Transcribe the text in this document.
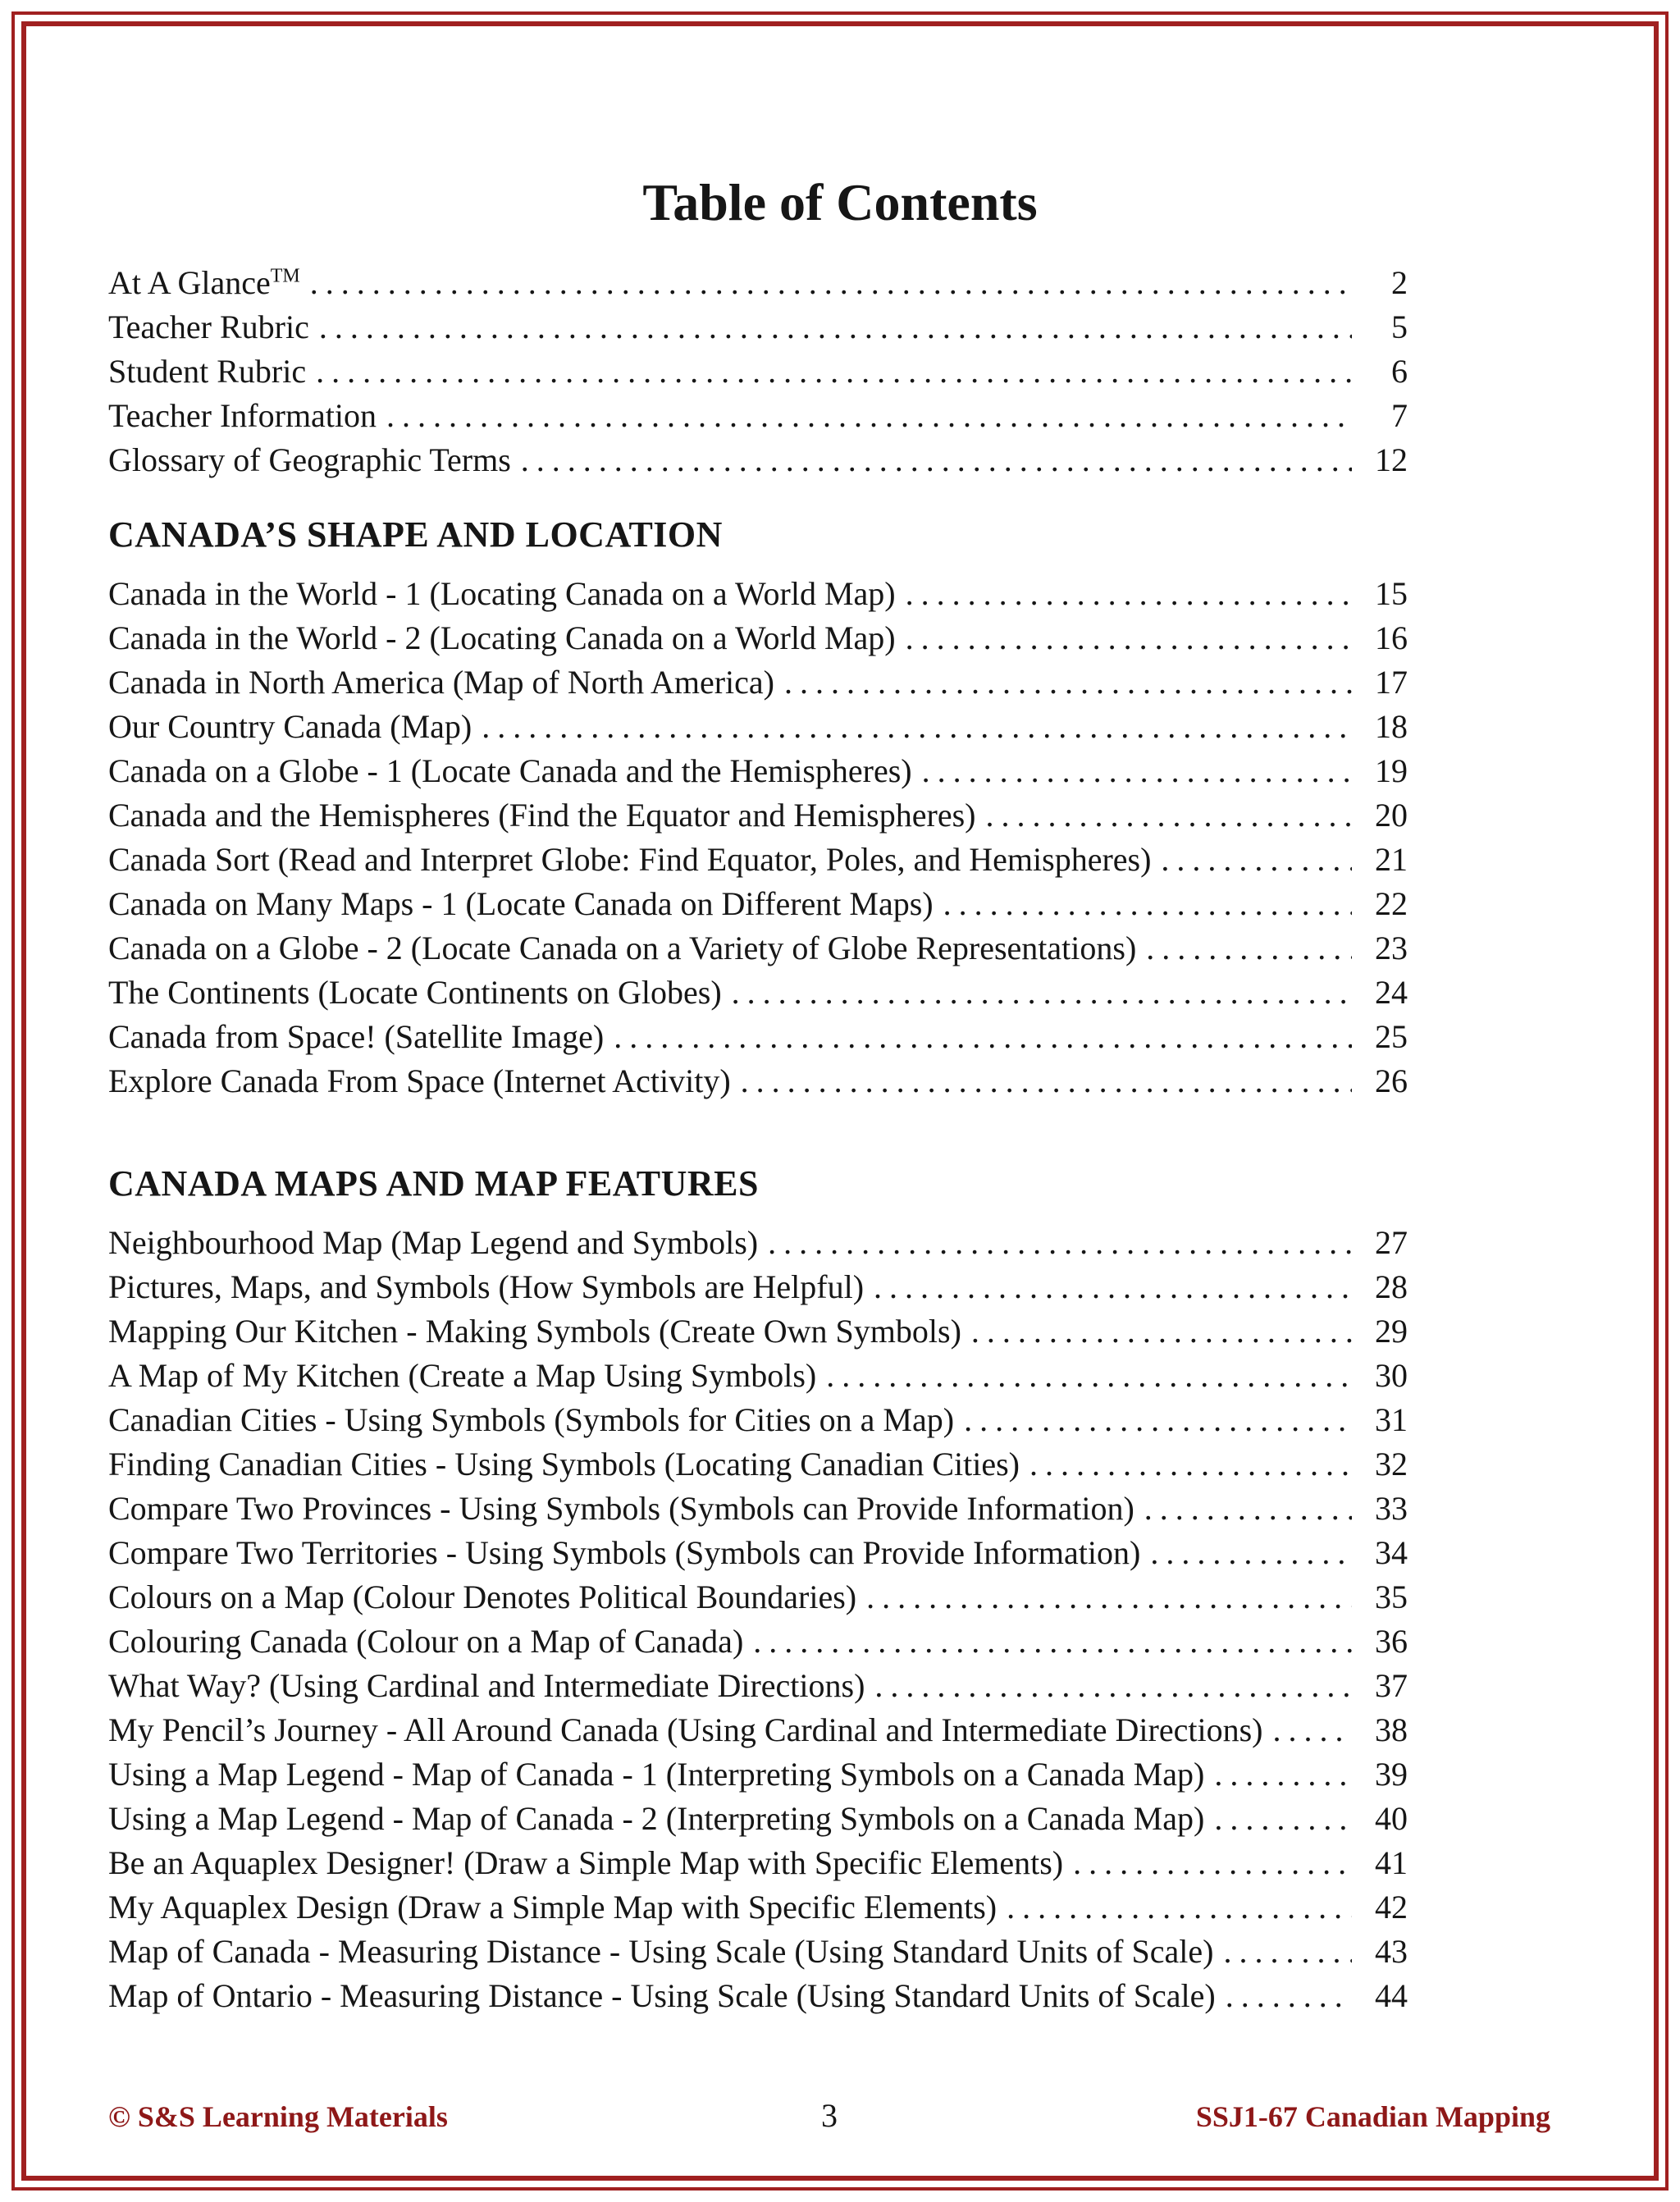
Table of Contents
At A Glance™ .....	2
Teacher Rubric .....	5
Student Rubric .....	6
Teacher Information .....	7
Glossary of Geographic Terms .....	12
CANADA’S SHAPE AND LOCATION
Canada in the World - 1 (Locating Canada on a World Map) .....	15
Canada in the World - 2 (Locating Canada on a World Map) .....	16
Canada in North America (Map of North America) .....	17
Our Country Canada (Map) .....	18
Canada on a Globe - 1 (Locate Canada and the Hemispheres) .....	19
Canada and the Hemispheres (Find the Equator and Hemispheres) .....	20
Canada Sort (Read and Interpret Globe: Find Equator, Poles, and Hemispheres) .....	21
Canada on Many Maps - 1 (Locate Canada on Different Maps) .....	22
Canada on a Globe - 2 (Locate Canada on a Variety of Globe Representations) .....	23
The Continents (Locate Continents on Globes) .....	24
Canada from Space! (Satellite Image) .....	25
Explore Canada From Space (Internet Activity) .....	26
CANADA MAPS AND MAP FEATURES
Neighbourhood Map (Map Legend and Symbols) .....	27
Pictures, Maps, and Symbols (How Symbols are Helpful) .....	28
Mapping Our Kitchen - Making Symbols (Create Own Symbols) .....	29
A Map of My Kitchen (Create a Map Using Symbols) .....	30
Canadian Cities - Using Symbols (Symbols for Cities on a Map) .....	31
Finding Canadian Cities - Using Symbols (Locating Canadian Cities) .....	32
Compare Two Provinces - Using Symbols (Symbols can Provide Information) .....	33
Compare Two Territories - Using Symbols (Symbols can Provide Information) .....	34
Colours on a Map (Colour Denotes Political Boundaries) .....	35
Colouring Canada (Colour on a Map of Canada) .....	36
What Way? (Using Cardinal and Intermediate Directions) .....	37
My Pencil’s Journey - All Around Canada (Using Cardinal and Intermediate Directions) .....	38
Using a Map Legend - Map of Canada - 1 (Interpreting Symbols on a Canada Map) .....	39
Using a Map Legend - Map of Canada - 2 (Interpreting Symbols on a Canada Map) .....	40
Be an Aquaplex Designer! (Draw a Simple Map with Specific Elements) .....	41
My Aquaplex Design (Draw a Simple Map with Specific Elements) .....	42
Map of Canada - Measuring Distance - Using Scale (Using Standard Units of Scale) .....	43
Map of Ontario - Measuring Distance - Using Scale (Using Standard Units of Scale) .....	44
© S&S Learning Materials	3	SSJ1-67 Canadian Mapping
